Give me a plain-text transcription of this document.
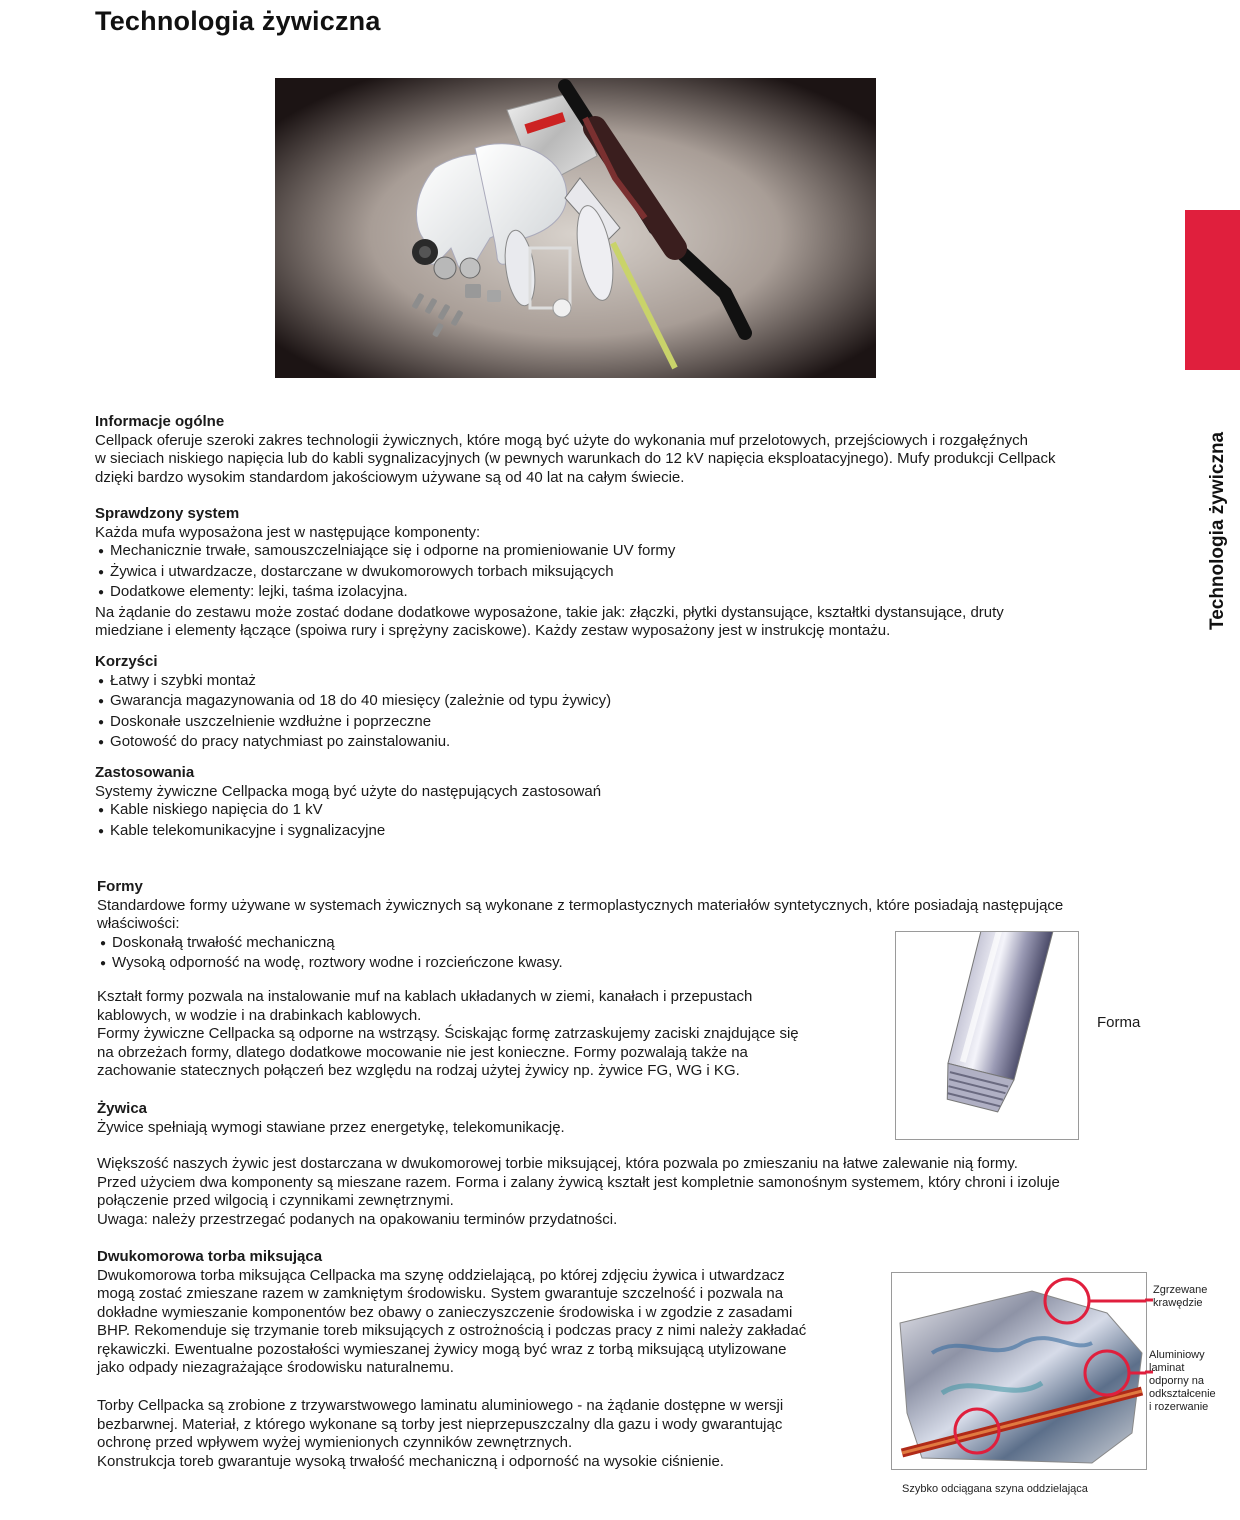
Technologia żywiczna
Technologia żywiczna
Informacje ogólne

Cellpack oferuje szeroki zakres technologii żywicznych, które mogą być użyte do wykonania muf przelotowych, przejściowych i rozgałęźnych

w sieciach niskiego napięcia lub do kabli sygnalizacyjnych (w pewnych warunkach do 12 kV napięcia eksploatacyjnego). Mufy produkcji Cellpack

dzięki bardzo wysokim standardom jakościowym używane są od 40 lat na całym świecie.

Sprawdzony system

Każda mufa wyposażona jest w następujące komponenty:

● Mechanicznie trwałe, samouszczelniające się i odporne na promieniowanie UV formy
● Żywica i utwardzacze, dostarczane w dwukomorowych torbach miksujących
● Dodatkowe elementy: lejki, taśma izolacyjna.

Na żądanie do zestawu może zostać dodane dodatkowe wyposażone, takie jak: złączki, płytki dystansujące, kształtki dystansujące, druty

miedziane i elementy łączące (spoiwa rury i sprężyny zaciskowe). Każdy zestaw wyposażony jest w instrukcję montażu.

Korzyści
● Łatwy i szybki montaż
● Gwarancja magazynowania od 18 do 40 miesięcy (zależnie od typu żywicy)
● Doskonałe uszczelnienie wzdłużne i poprzeczne
● Gotowość do pracy natychmiast po zainstalowaniu.
Zastosowania

Systemy żywiczne Cellpacka mogą być użyte do następujących zastosowań

● Kable niskiego napięcia do 1 kV
● Kable telekomunikacyjne i sygnalizacyjne
Formy

Standardowe formy używane w systemach żywicznych są wykonane z termoplastycznych materiałów syntetycznych, które posiadają następujące

właściwości:

● Doskonałą trwałość mechaniczną
● Wysoką odporność na wodę, roztwory wodne i rozcieńczone kwasy.

Kształt formy pozwala na instalowanie muf na kablach układanych w ziemi, kanałach i przepustach

kablowych, w wodzie i na drabinkach kablowych.

Formy żywiczne Cellpacka są odporne na wstrząsy. Ściskając formę zatrzaskujemy zaciski znajdujące się

na obrzeżach formy, dlatego dodatkowe mocowanie nie jest konieczne. Formy pozwalają także na

zachowanie statecznych połączeń bez względu na rodzaj użytej żywicy np. żywice FG, WG i KG.

Forma
Żywica

Żywice spełniają wymogi stawiane przez energetykę, telekomunikację.

Większość naszych żywic jest dostarczana w dwukomorowej torbie miksującej, która pozwala po zmieszaniu na łatwe zalewanie nią formy.

Przed użyciem dwa komponenty są mieszane razem. Forma i zalany żywicą kształt jest kompletnie samonośnym systemem, który chroni i izoluje

połączenie przed wilgocią i czynnikami zewnętrznymi.

Uwaga: należy przestrzegać podanych na opakowaniu terminów przydatności.

Dwukomorowa torba miksująca

Dwukomorowa torba miksująca Cellpacka ma szynę oddzielającą, po której zdjęciu żywica i utwardzacz

mogą zostać zmieszane razem w zamkniętym środowisku. System gwarantuje szczelność i pozwala na

dokładne wymieszanie komponentów bez obawy o zanieczyszczenie środowiska i w zgodzie z zasadami

BHP. Rekomenduje się trzymanie toreb miksujących z ostrożnością i podczas pracy z nimi należy zakładać

rękawiczki. Ewentualne pozostałości wymieszanej żywicy mogą być wraz z torbą miksującą utylizowane

jako odpady niezagrażające środowisku naturalnemu.

Torby Cellpacka są zrobione z trzywarstwowego laminatu aluminiowego - na żądanie dostępne w wersji

bezbarwnej. Materiał, z którego wykonane są torby jest nieprzepuszczalny dla gazu i wody gwarantując

ochronę przed wpływem wyżej wymienionych czynników zewnętrznych.

Konstrukcja toreb gwarantuje wysoką trwałość mechaniczną i odporność na wysokie ciśnienie.

Zgrzewane
krawędzie
Aluminiowy
laminat
odporny na
odkształcenie
i rozerwanie
Szybko odciągana szyna oddzielająca
